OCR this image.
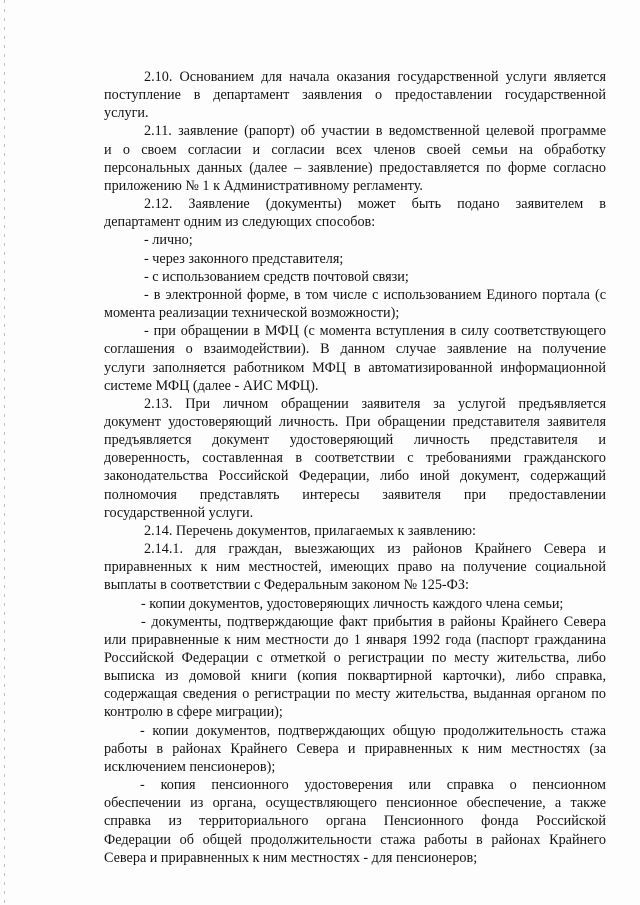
2.10. Основанием для начала оказания государственной услуги является
поступление в департамент заявления о предоставлении государственной
услуги.
2.11. заявление (рапорт) об участии в ведомственной целевой программе
и о своем согласии и согласии всех членов своей семьи на обработку
персональных данных (далее – заявление) предоставляется по форме согласно
приложению № 1 к Административному регламенту.
2.12. Заявление (документы) может быть подано заявителем в
департамент одним из следующих способов:
- лично;
- через законного представителя;
- с использованием средств почтовой связи;
- в электронной форме, в том числе с использованием Единого портала (с
момента реализации технической возможности);
- при обращении в МФЦ (с момента вступления в силу соответствующего
соглашения о взаимодействии). В данном случае заявление на получение
услуги заполняется работником МФЦ в автоматизированной информационной
системе МФЦ (далее - АИС МФЦ).
2.13. При личном обращении заявителя за услугой предъявляется
документ удостоверяющий личность. При обращении представителя заявителя
предъявляется документ удостоверяющий личность представителя и
доверенность, составленная в соответствии с требованиями гражданского
законодательства Российской Федерации, либо иной документ, содержащий
полномочия представлять интересы заявителя при предоставлении
государственной услуги.
2.14. Перечень документов, прилагаемых к заявлению:
2.14.1. для граждан, выезжающих из районов Крайнего Севера и
приравненных к ним местностей, имеющих право на получение социальной
выплаты в соответствии с Федеральным законом № 125-ФЗ:
- копии документов, удостоверяющих личность каждого члена семьи;
- документы, подтверждающие факт прибытия в районы Крайнего Севера
или приравненные к ним местности до 1 января 1992 года (паспорт гражданина
Российской Федерации с отметкой о регистрации по месту жительства, либо
выписка из домовой книги (копия поквартирной карточки), либо справка,
содержащая сведения о регистрации по месту жительства, выданная органом по
контролю в сфере миграции);
- копии документов, подтверждающих общую продолжительность стажа
работы в районах Крайнего Севера и приравненных к ним местностях (за
исключением пенсионеров);
- копия пенсионного удостоверения или справка о пенсионном
обеспечении из органа, осуществляющего пенсионное обеспечение, а также
справка из территориального органа Пенсионного фонда Российской
Федерации об общей продолжительности стажа работы в районах Крайнего
Севера и приравненных к ним местностях - для пенсионеров;
